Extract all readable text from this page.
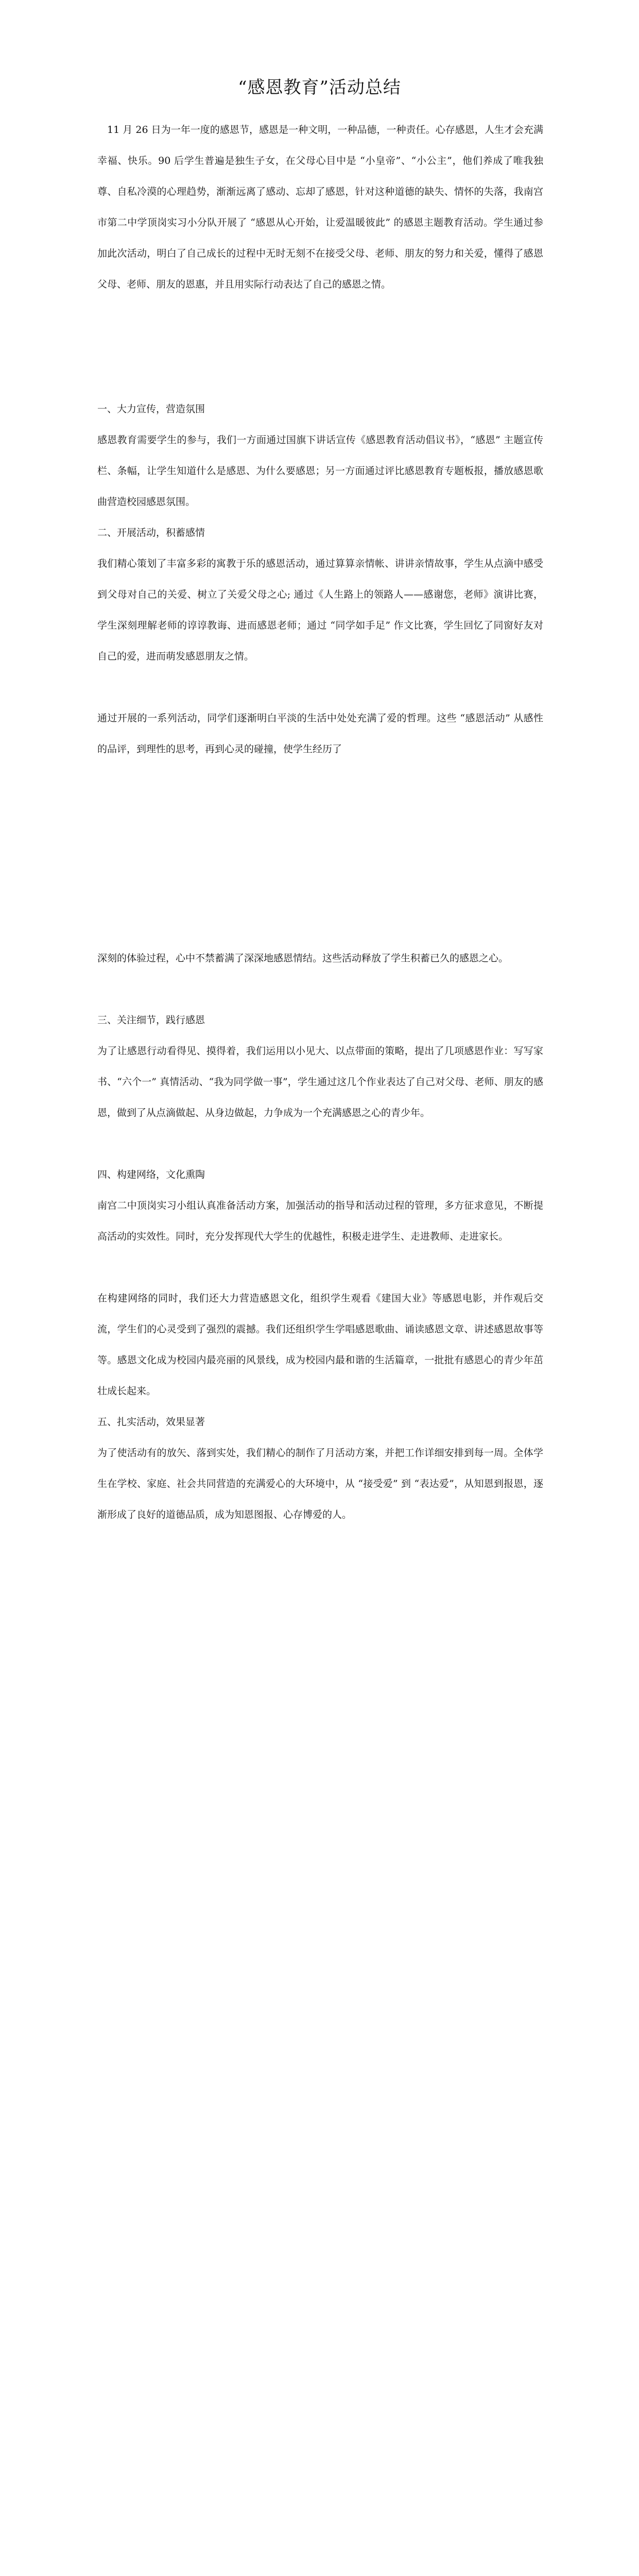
“感恩教育”活动总结

11 月 26 日为一年一度的感恩节，感恩是一种文明，一种品德，一种责任。心存感恩，人生才会充满幸福、快乐。90 后学生普遍是独生子女，在父母心目中是 “小皇帝”、“小公主”，他们养成了唯我独尊、自私冷漠的心理趋势，渐渐远离了感动、忘却了感恩，针对这种道德的缺失、情怀的失落，我南宫市第二中学顶岗实习小分队开展了 “感恩从心开始，让爱温暖彼此” 的感恩主题教育活动。学生通过参加此次活动，明白了自己成长的过程中无时无刻不在接受父母、老师、朋友的努力和关爱，懂得了感恩父母、老师、朋友的恩惠，并且用实际行动表达了自己的感恩之情。

一、大力宣传，营造氛围

感恩教育需要学生的参与，我们一方面通过国旗下讲话宣传《感恩教育活动倡议书》，“感恩” 主题宣传栏、条幅，让学生知道什么是感恩、为什么要感恩；另一方面通过评比感恩教育专题板报，播放感恩歌曲营造校园感恩氛围。

二、开展活动，积蓄感情

我们精心策划了丰富多彩的寓教于乐的感恩活动，通过算算亲情帐、讲讲亲情故事，学生从点滴中感受到父母对自己的关爱、树立了关爱父母之心; 通过《人生路上的领路人——感谢您，老师》演讲比赛，学生深刻理解老师的谆谆教诲、进而感恩老师；通过 “同学如手足” 作文比赛，学生回忆了同窗好友对自己的爱，进而萌发感恩朋友之情。

通过开展的一系列活动，同学们逐渐明白平淡的生活中处处充满了爱的哲理。这些 “感恩活动” 从感性的品评，到理性的思考，再到心灵的碰撞，使学生经历了

深刻的体验过程，心中不禁蓄满了深深地感恩情结。这些活动释放了学生积蓄已久的感恩之心。

三、关注细节，践行感恩

为了让感恩行动看得见、摸得着，我们运用以小见大、以点带面的策略，提出了几项感恩作业：写写家书、“六个一” 真情活动、“我为同学做一事”，学生通过这几个作业表达了自己对父母、老师、朋友的感恩，做到了从点滴做起、从身边做起，力争成为一个充满感恩之心的青少年。

四、构建网络，文化熏陶

南宫二中顶岗实习小组认真准备活动方案，加强活动的指导和活动过程的管理，多方征求意见，不断提高活动的实效性。同时，充分发挥现代大学生的优越性，积极走进学生、走进教师、走进家长。

在构建网络的同时，我们还大力营造感恩文化，组织学生观看《建国大业》等感恩电影，并作观后交流，学生们的心灵受到了强烈的震撼。我们还组织学生学唱感恩歌曲、诵读感恩文章、讲述感恩故事等等。感恩文化成为校园内最亮丽的风景线，成为校园内最和谐的生活篇章，一批批有感恩心的青少年茁壮成长起来。

五、扎实活动，效果显著

为了使活动有的放矢、落到实处，我们精心的制作了月活动方案，并把工作详细安排到每一周。全体学生在学校、家庭、社会共同营造的充满爱心的大环境中，从 “接受爱” 到 “表达爱”，从知恩到报恩，逐渐形成了良好的道德品质，成为知恩图报、心存博爱的人。
